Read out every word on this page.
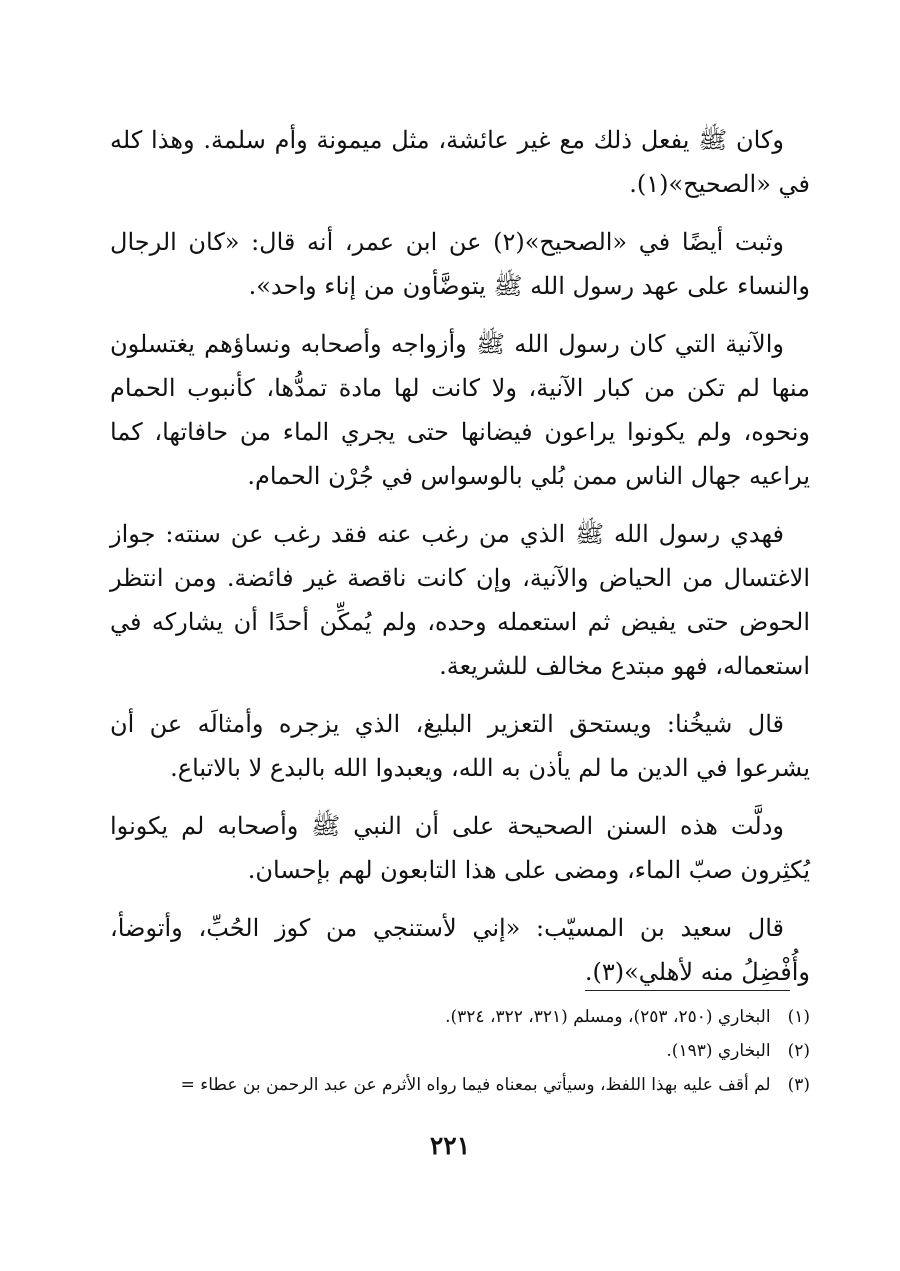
وكان ﷺ يفعل ذلك مع غير عائشة، مثل ميمونة وأم سلمة. وهذا كله في «الصحيح»(١).

وثبت أيضًا في «الصحيح»(٢) عن ابن عمر، أنه قال: «كان الرجال والنساء على عهد رسول الله ﷺ يتوضَّأون من إناء واحد».

والآنية التي كان رسول الله ﷺ وأزواجه وأصحابه ونساؤهم يغتسلون منها لم تكن من كبار الآنية، ولا كانت لها مادة تمدُّها، كأنبوب الحمام ونحوه، ولم يكونوا يراعون فيضانها حتى يجري الماء من حافاتها، كما يراعيه جهال الناس ممن بُلي بالوسواس في جُرْن الحمام.

فهدي رسول الله ﷺ الذي من رغب عنه فقد رغب عن سنته: جواز الاغتسال من الحياض والآنية، وإن كانت ناقصة غير فائضة. ومن انتظر الحوض حتى يفيض ثم استعمله وحده، ولم يُمكِّن أحدًا أن يشاركه في استعماله، فهو مبتدع مخالف للشريعة.

قال شيخُنا: ويستحق التعزير البليغ، الذي يزجره وأمثالَه عن أن يشرعوا في الدين ما لم يأذن به الله، ويعبدوا الله بالبدع لا بالاتباع.

ودلَّت هذه السنن الصحيحة على أن النبي ﷺ وأصحابه لم يكونوا يُكثِرون صبّ الماء، ومضى على هذا التابعون لهم بإحسان.

قال سعيد بن المسيّب: «إني لأستنجي من كوز الحُبِّ، وأتوضأ، وأُفْضِلُ منه لأهلي»(٣).

(١) البخاري (٢٥٠، ٢٥٣)، ومسلم (٣٢١، ٣٢٢، ٣٢٤).

(٢) البخاري (١٩٣).

(٣) لم أقف عليه بهذا اللفظ، وسيأتي بمعناه فيما رواه الأثرم عن عبد الرحمن بن عطاء =

٢٢١
